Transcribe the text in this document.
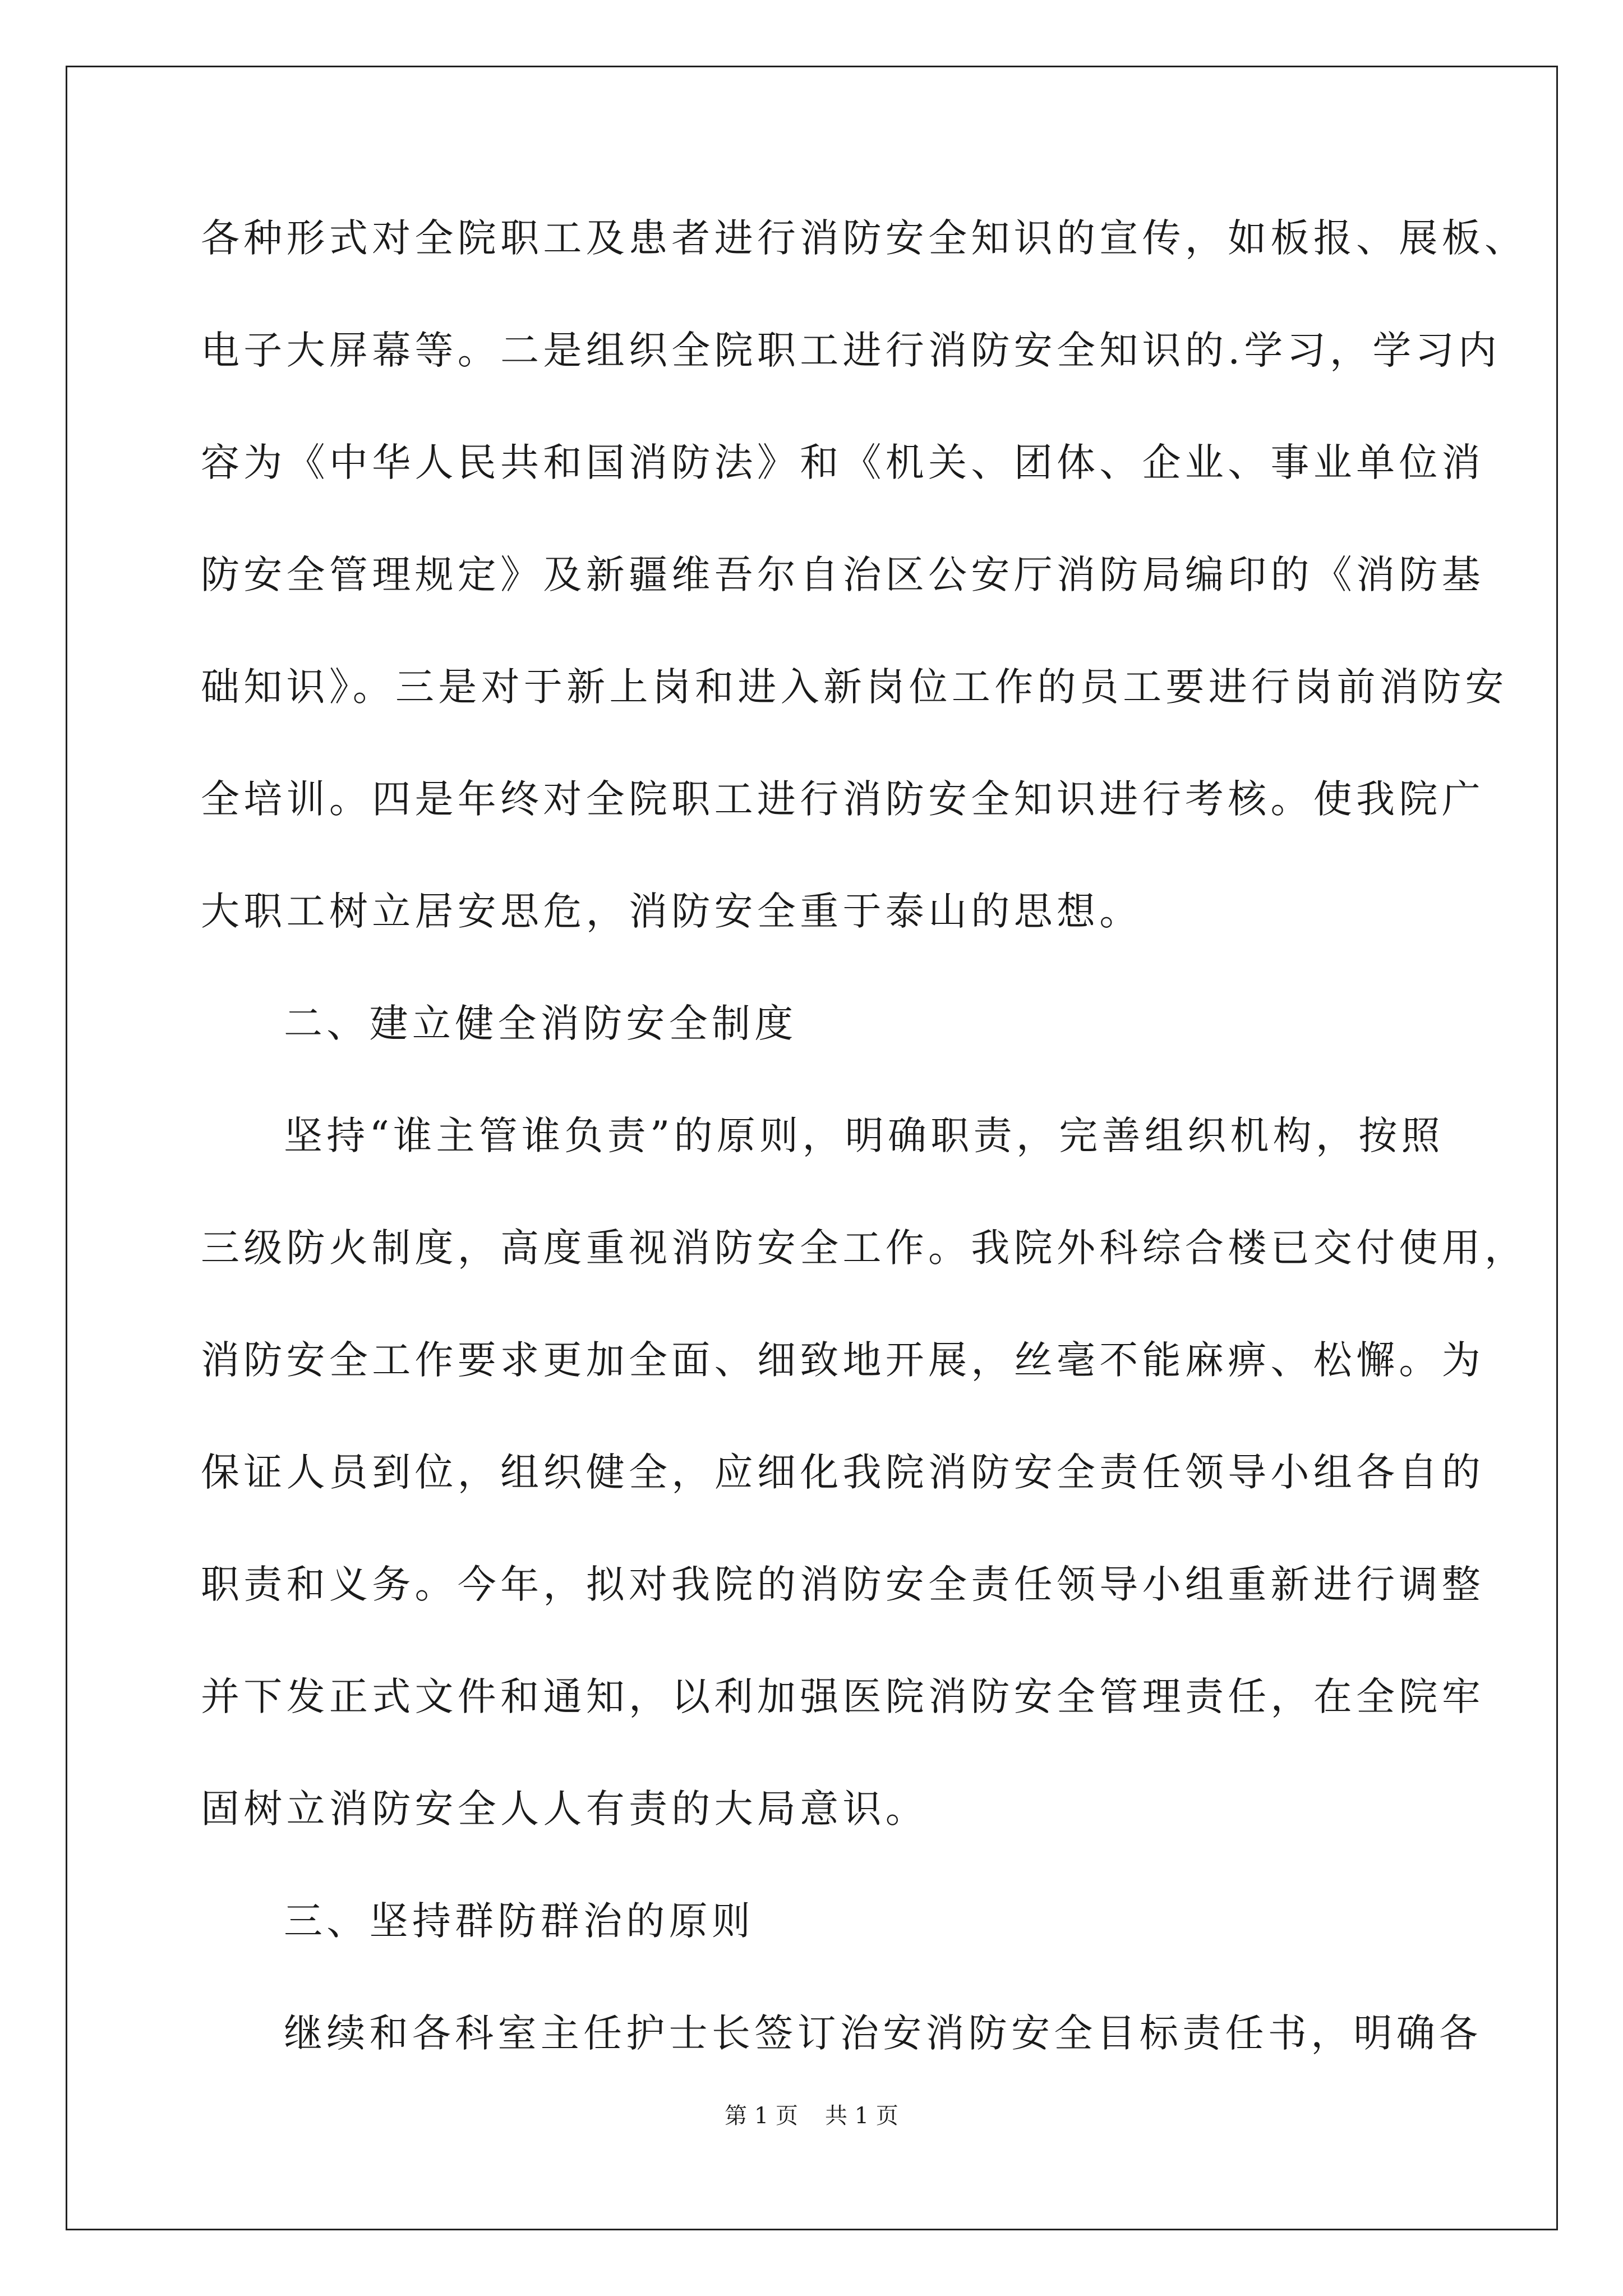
各种形式对全院职工及患者进行消防安全知识的宣传，如板报、展板、
电子大屏幕等。二是组织全院职工进行消防安全知识的.学习，学习内
容为《中华人民共和国消防法》和《机关、团体、企业、事业单位消
防安全管理规定》及新疆维吾尔自治区公安厅消防局编印的《消防基
础知识》。三是对于新上岗和进入新岗位工作的员工要进行岗前消防安
全培训。四是年终对全院职工进行消防安全知识进行考核。使我院广
大职工树立居安思危，消防安全重于泰山的思想。
二、建立健全消防安全制度
坚持“谁主管谁负责”的原则，明确职责，完善组织机构，按照
三级防火制度，高度重视消防安全工作。我院外科综合楼已交付使用，
消防安全工作要求更加全面、细致地开展，丝毫不能麻痹、松懈。为
保证人员到位，组织健全，应细化我院消防安全责任领导小组各自的
职责和义务。今年，拟对我院的消防安全责任领导小组重新进行调整
并下发正式文件和通知，以利加强医院消防安全管理责任，在全院牢
固树立消防安全人人有责的大局意识。
三、坚持群防群治的原则
继续和各科室主任护士长签订治安消防安全目标责任书，明确各
第 1 页 共 1 页
